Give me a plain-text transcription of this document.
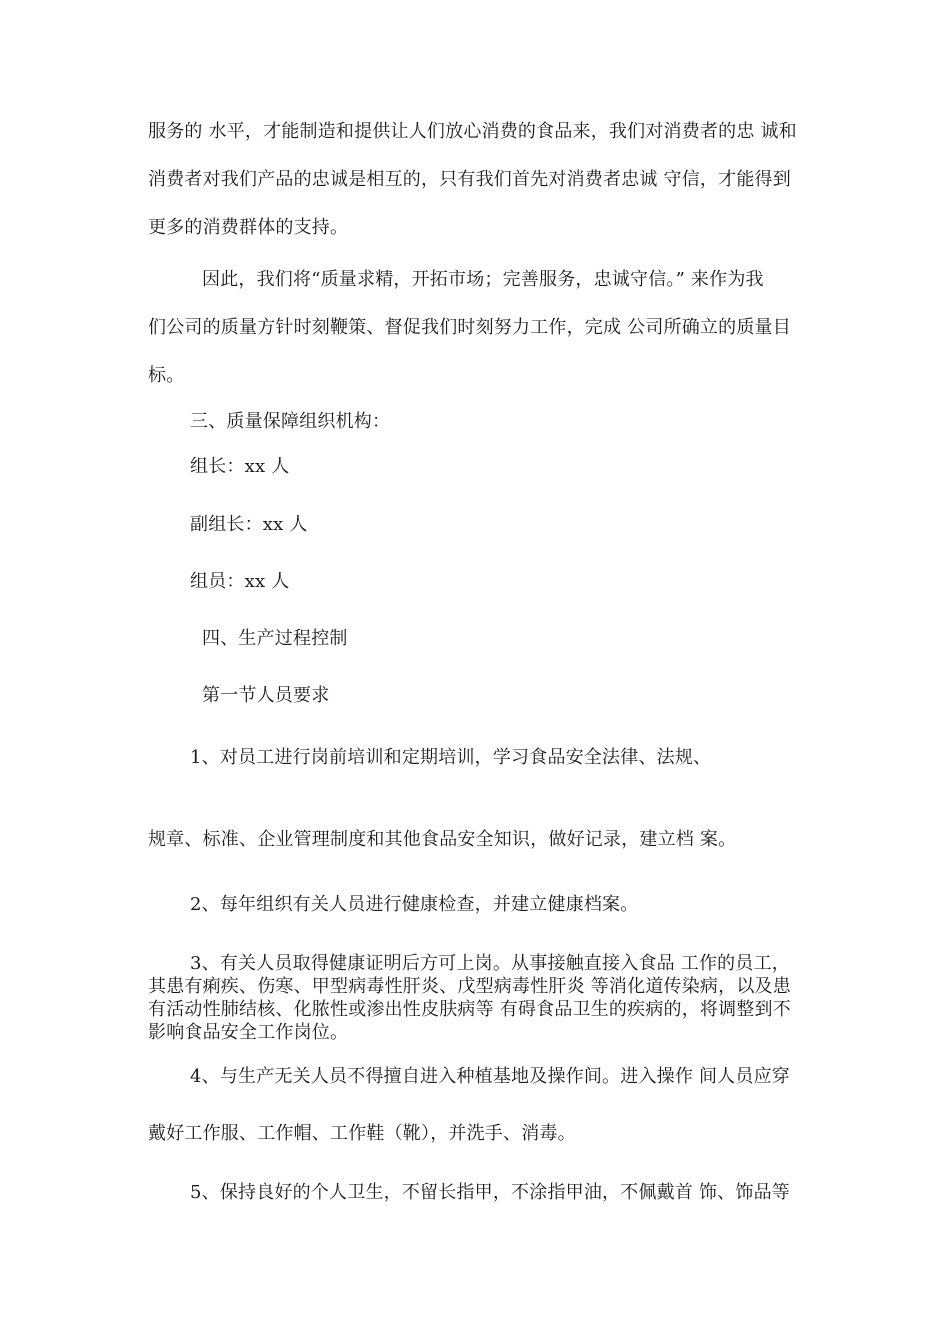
服务的 水平，才能制造和提供让人们放心消费的食品来，我们对消费者的忠 诚和
消费者对我们产品的忠诚是相互的，只有我们首先对消费者忠诚 守信，才能得到
更多的消费群体的支持。
因此，我们将“质量求精，开拓市场；完善服务，忠诚守信。” 来作为我
们公司的质量方针时刻鞭策、督促我们时刻努力工作，完成 公司所确立的质量目
标。
三、质量保障组织机构：
组长：xx 人
副组长：xx 人
组员：xx 人
四、生产过程控制
第一节人员要求
1、对员工进行岗前培训和定期培训，学习食品安全法律、法规、
规章、标准、企业管理制度和其他食品安全知识，做好记录，建立档 案。
2、每年组织有关人员进行健康检查，并建立健康档案。
3、有关人员取得健康证明后方可上岗。从事接触直接入食品 工作的员工，
其患有痢疾、伤寒、甲型病毒性肝炎、戊型病毒性肝炎 等消化道传染病，以及患
有活动性肺结核、化脓性或渗出性皮肤病等 有碍食品卫生的疾病的，将调整到不
影响食品安全工作岗位。
4、与生产无关人员不得擅自进入种植基地及操作间。进入操作 间人员应穿
戴好工作服、工作帽、工作鞋（靴），并洗手、消毒。
5、保持良好的个人卫生，不留长指甲，不涂指甲油，不佩戴首 饰、饰品等
